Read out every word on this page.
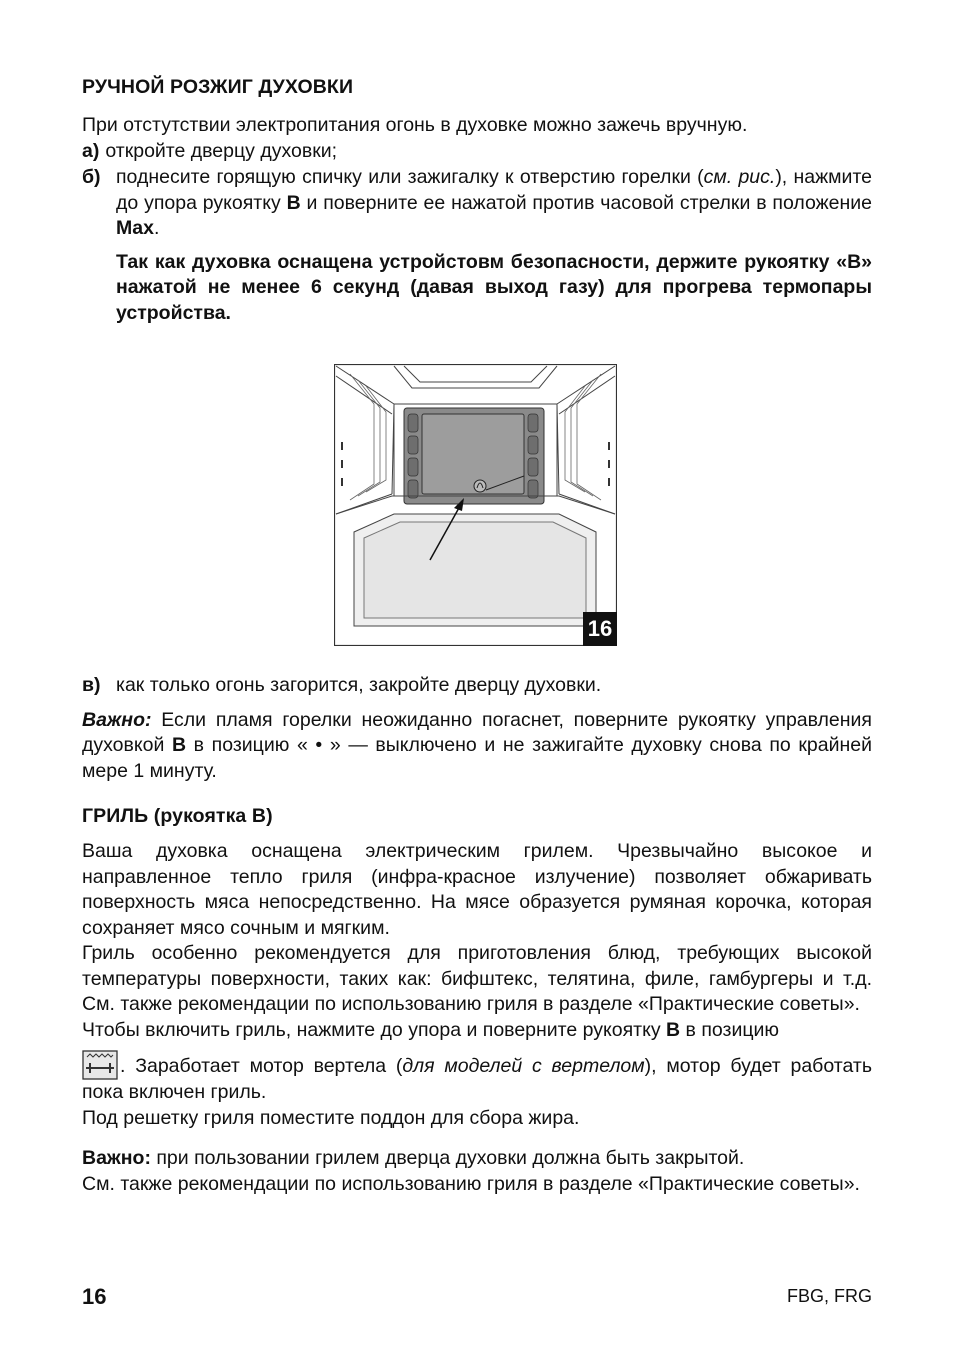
РУЧНОЙ РОЗЖИГ ДУХОВКИ

При отстутствии электропитания огонь в духовке можно зажечь вручную.

а) откройте дверцу духовки;
б) поднесите горящую спичку или зажигалку к отверстию горелки (см. рис.), нажмите до упора рукоятку B и поверните ее нажатой против часовой стрелки в положение Max.

Так как духовка оснащена устройстовм безопасности, держите рукоятку «B» нажатой не менее 6 секунд (давая выход газу) для прогрева термопары устройства.

16
в) как только огонь загорится, закройте дверцу духовки.

Важно: Если пламя горелки неожиданно погаснет, поверните рукоятку управления духовкой B в позицию « • » — выключено и не зажигайте духовку снова по крайней мере 1 минуту.

ГРИЛЬ (рукоятка B)

Ваша духовка оснащена электрическим грилем. Чрезвычайно высокое и направленное тепло гриля (инфра-красное излучение) позволяет обжаривать поверхность мяса непосредственно. На мясе образуется румяная корочка, которая сохраняет мясо сочным и мягким.

Гриль особенно рекомендуется для приготовления блюд, требующих высокой температуры поверхности, таких как: бифштекс, телятина, филе, гамбургеры и т.д. См. также рекомендации по использованию гриля в разделе «Практические советы».

Чтобы включить гриль, нажмите до упора и поверните рукоятку B в позицию

. Заработает мотор вертела (для моделей с вертелом), мотор будет работать пока включен гриль.

Под решетку гриля поместите поддон для сбора жира.

Важно: при пользовании грилем дверца духовки должна быть закрытой.

См. также рекомендации по использованию гриля в разделе «Практические советы».

16	FBG, FRG
